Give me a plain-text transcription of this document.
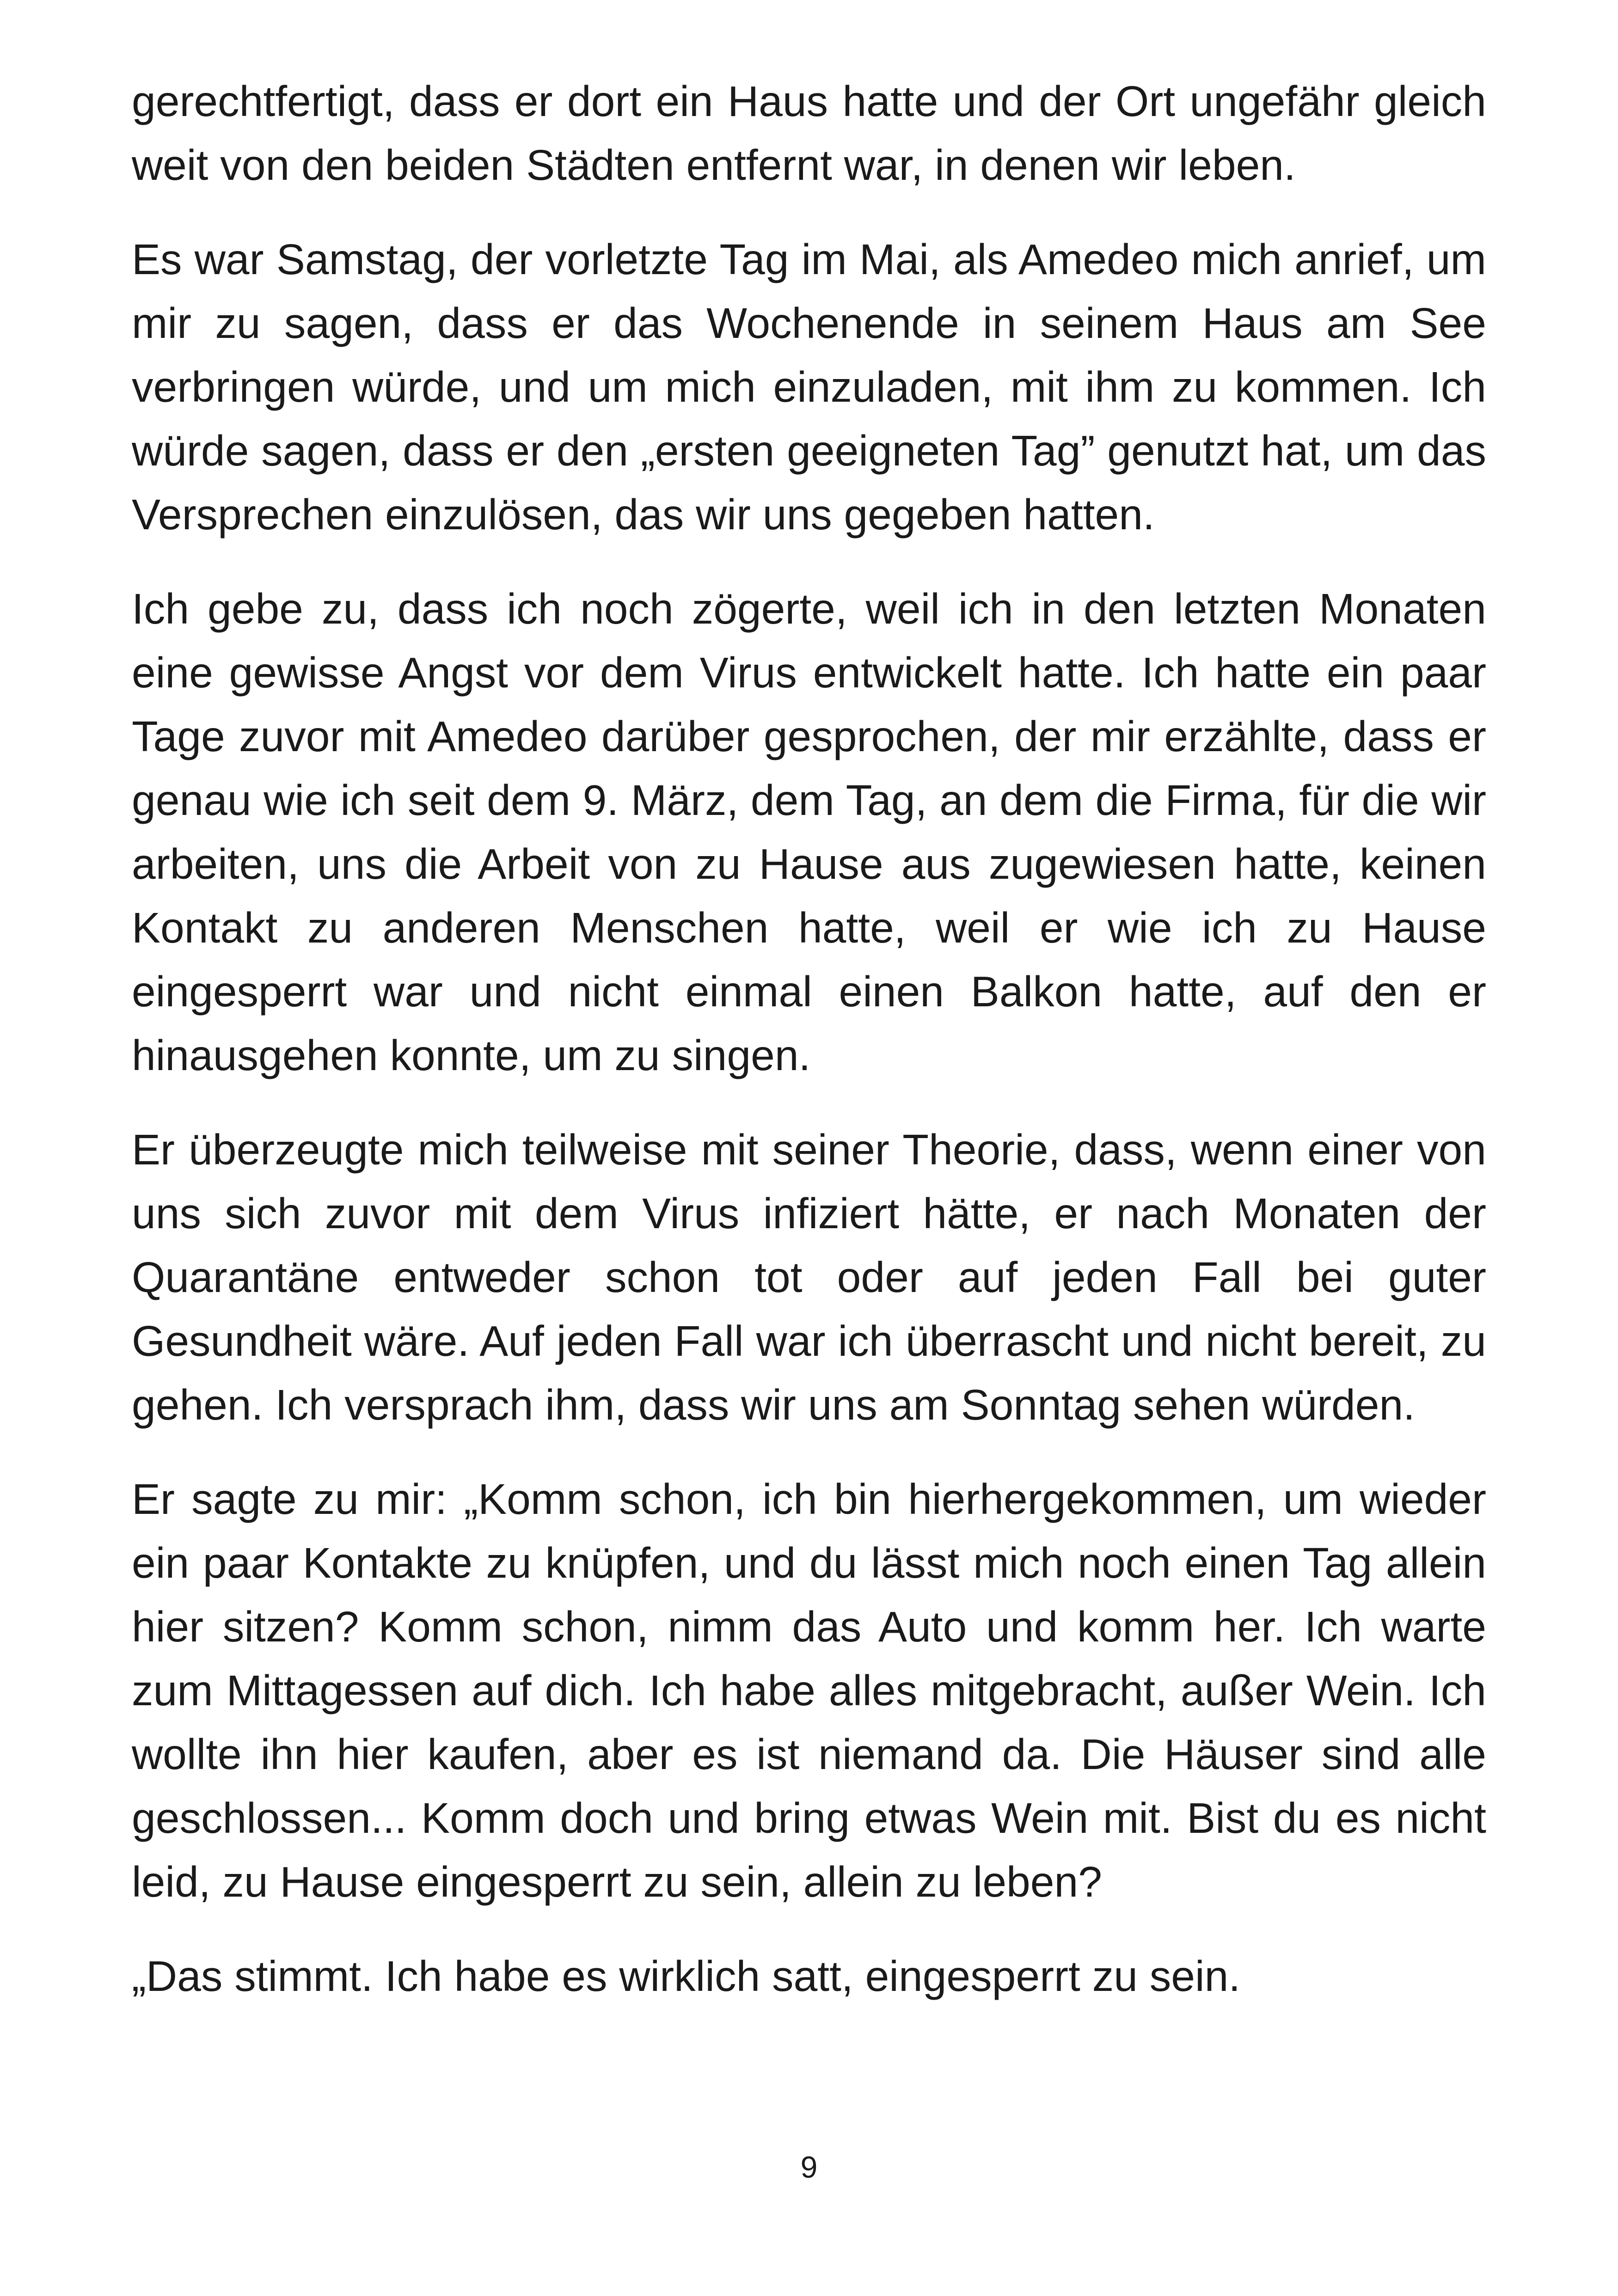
gerechtfertigt, dass er dort ein Haus hatte und der Ort ungefähr gleich weit von den beiden Städten entfernt war, in denen wir leben.

Es war Samstag, der vorletzte Tag im Mai, als Amedeo mich anrief, um mir zu sagen, dass er das Wochenende in seinem Haus am See verbringen würde, und um mich einzuladen, mit ihm zu kommen. Ich würde sagen, dass er den „ersten geeigneten Tag” genutzt hat, um das Versprechen einzulösen, das wir uns gegeben hatten.

Ich gebe zu, dass ich noch zögerte, weil ich in den letzten Monaten eine gewisse Angst vor dem Virus entwickelt hatte. Ich hatte ein paar Tage zuvor mit Amedeo darüber gesprochen, der mir erzählte, dass er genau wie ich seit dem 9. März, dem Tag, an dem die Firma, für die wir arbeiten, uns die Arbeit von zu Hause aus zugewiesen hatte, keinen Kontakt zu anderen Menschen hatte, weil er wie ich zu Hause eingesperrt war und nicht einmal einen Balkon hatte, auf den er hinausgehen konnte, um zu singen.

Er überzeugte mich teilweise mit seiner Theorie, dass, wenn einer von uns sich zuvor mit dem Virus infiziert hätte, er nach Monaten der Quarantäne entweder schon tot oder auf jeden Fall bei guter Gesundheit wäre. Auf jeden Fall war ich überrascht und nicht bereit, zu gehen. Ich versprach ihm, dass wir uns am Sonntag sehen würden.

Er sagte zu mir: „Komm schon, ich bin hierhergekommen, um wieder ein paar Kontakte zu knüpfen, und du lässt mich noch einen Tag allein hier sitzen? Komm schon, nimm das Auto und komm her. Ich warte zum Mittagessen auf dich. Ich habe alles mitgebracht, außer Wein. Ich wollte ihn hier kaufen, aber es ist niemand da. Die Häuser sind alle geschlossen... Komm doch und bring etwas Wein mit. Bist du es nicht leid, zu Hause eingesperrt zu sein, allein zu leben?

„Das stimmt. Ich habe es wirklich satt, eingesperrt zu sein.

9
